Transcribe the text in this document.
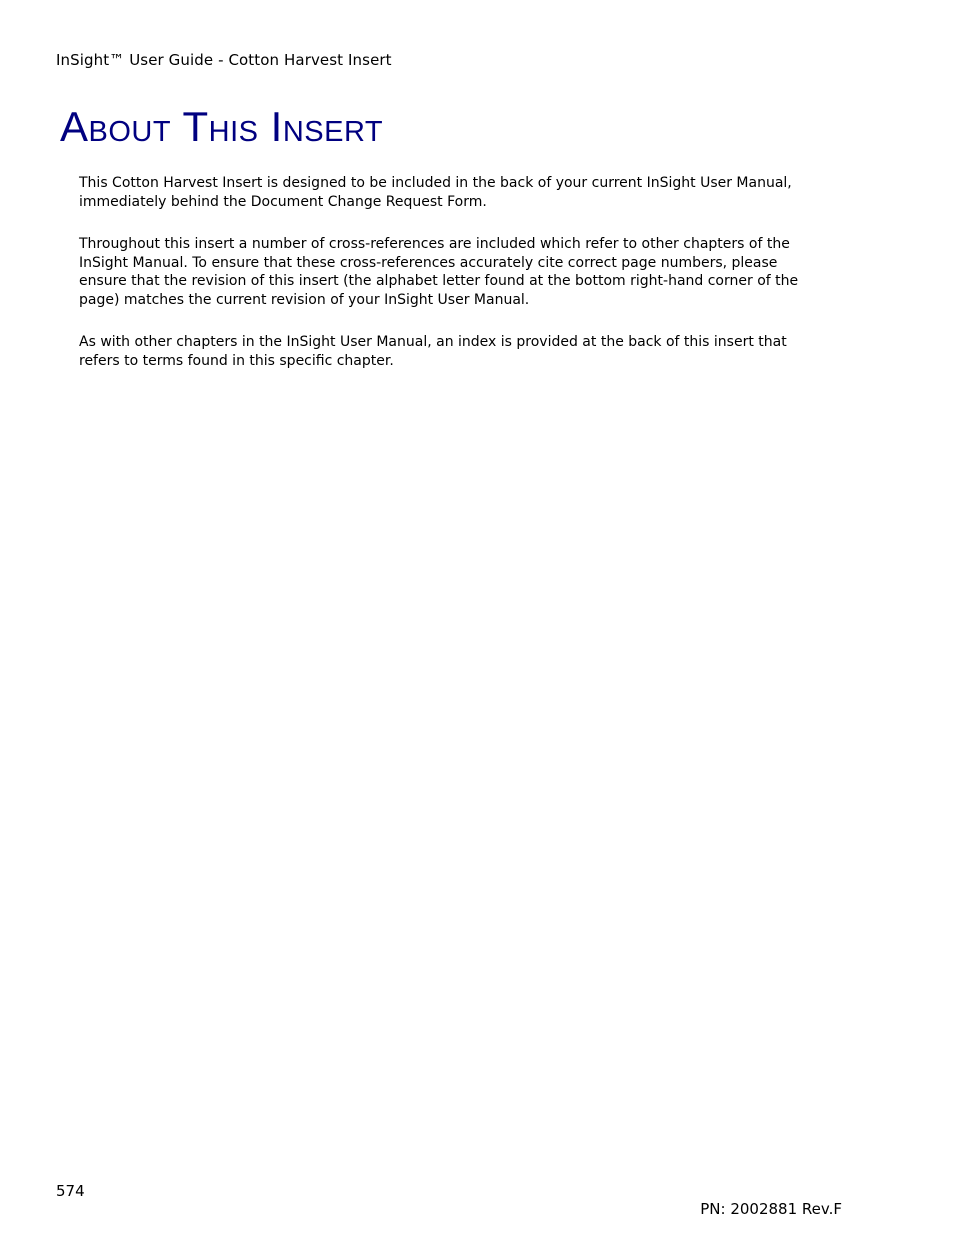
InSight™ User Guide - Cotton Harvest Insert
About This Insert

This Cotton Harvest Insert is designed to be included in the back of your current InSight User Manual,
immediately behind the Document Change Request Form.

Throughout this insert a number of cross-references are included which refer to other chapters of the
InSight Manual. To ensure that these cross-references accurately cite correct page numbers, please
ensure that the revision of this insert (the alphabet letter found at the bottom right-hand corner of the
page) matches the current revision of your InSight User Manual.

As with other chapters in the InSight User Manual, an index is provided at the back of this insert that
refers to terms found in this specific chapter.

574
PN: 2002881 Rev.F
